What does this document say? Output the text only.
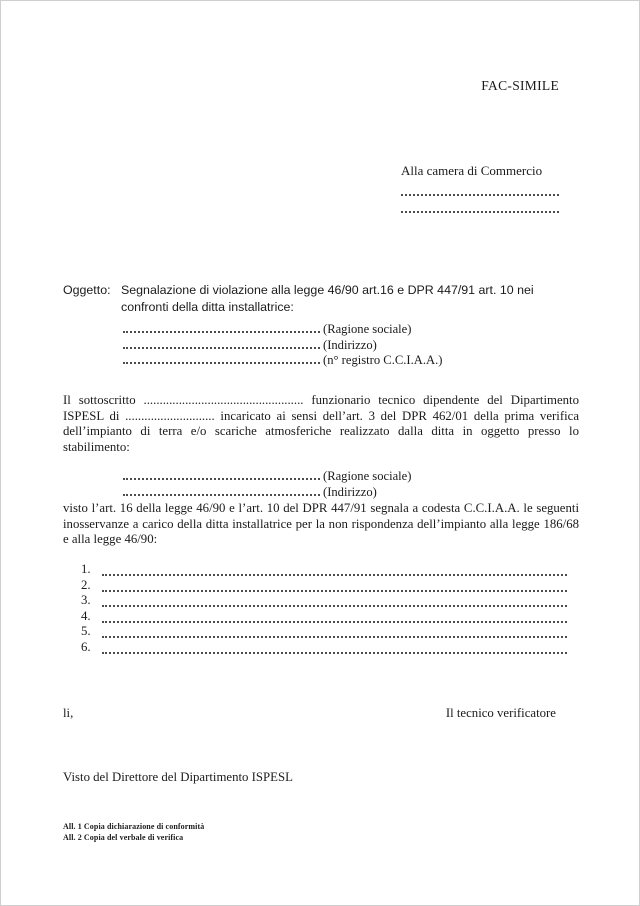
FAC-SIMILE
Alla camera di Commercio
Oggetto: Segnalazione di violazione alla legge 46/90 art.16 e DPR 447/91 art. 10 nei confronti della ditta installatrice:
(Ragione sociale)
(Indirizzo)
(n° registro C.C.I.A.A.)

Il sottoscritto .................................................. funzionario tecnico dipendente del Dipartimento ISPESL di ............................ incaricato ai sensi dell’art. 3 del DPR 462/01 della prima verifica dell’impianto di terra e/o scariche atmosferiche realizzato dalla ditta in oggetto presso lo stabilimento:

(Ragione sociale)
(Indirizzo)

visto l’art. 16 della legge 46/90 e l’art. 10 del DPR 447/91 segnala a codesta C.C.I.A.A. le seguenti inosservanze a carico della ditta installatrice per la non rispondenza dell’impianto alla legge 186/68 e alla legge 46/90:

1.
2.
3.
4.
5.
6.
li,	Il tecnico verificatore
Visto del Direttore del Dipartimento ISPESL
All. 1 Copia dichiarazione di conformità
All. 2 Copia del verbale di verifica
